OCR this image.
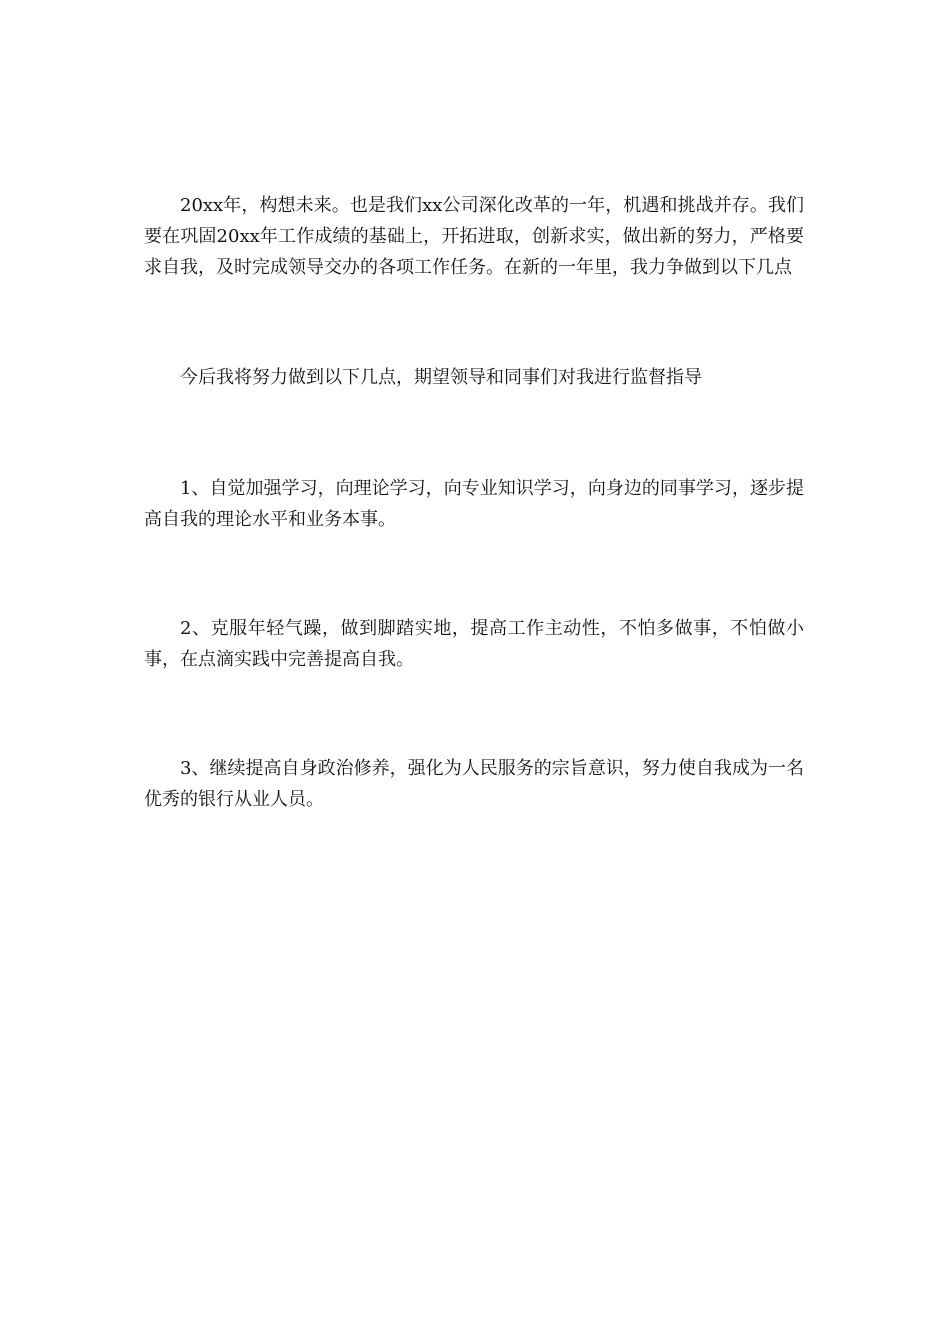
20xx年，构想未来。也是我们xx公司深化改革的一年，机遇和挑战并存。我们要在巩固20xx年工作成绩的基础上，开拓进取，创新求实，做出新的努力，严格要求自我，及时完成领导交办的各项工作任务。在新的一年里，我力争做到以下几点

今后我将努力做到以下几点，期望领导和同事们对我进行监督指导

1、自觉加强学习，向理论学习，向专业知识学习，向身边的同事学习，逐步提高自我的理论水平和业务本事。

2、克服年轻气躁，做到脚踏实地，提高工作主动性，不怕多做事，不怕做小事，在点滴实践中完善提高自我。

3、继续提高自身政治修养，强化为人民服务的宗旨意识，努力使自我成为一名优秀的银行从业人员。
